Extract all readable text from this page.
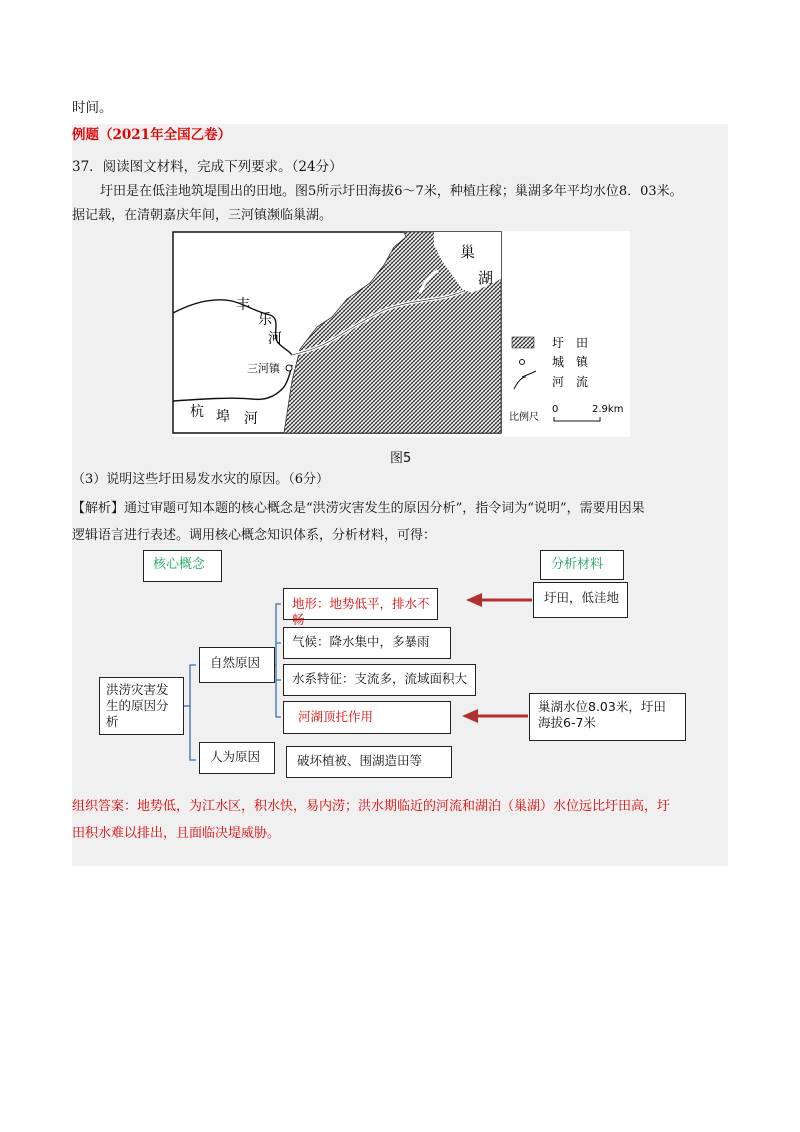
时间。
例题（2021年全国乙卷）
37．阅读图文材料，完成下列要求。（24分）
圩田是在低洼地筑堤围出的田地。图5所示圩田海拔6～7米，种植庄稼；巢湖多年平均水位8．03米。
据记载，在清朝嘉庆年间，三河镇濒临巢湖。
巢
湖
丰
乐
河
三河镇
杭 埠 河
圩　田
城　镇
河　流
比例尺
0	2.9km
图5
（3）说明这些圩田易发水灾的原因。（6分）
【解析】通过审题可知本题的核心概念是“洪涝灾害发生的原因分析”，指令词为“说明”，需要用因果
逻辑语言进行表述。调用核心概念知识体系，分析材料，可得：
核心概念	分析材料
洪涝灾害发生的原因分析
自然原因
人为原因
地形：地势低平，排水不畅
气候：降水集中，多暴雨
水系特征：支流多，流域面积大
河湖顶托作用
破坏植被、围湖造田等
圩田，低洼地
巢湖水位8.03米，圩田海拔6-7米
组织答案：地势低，为江水区，积水快，易内涝；洪水期临近的河流和湖泊（巢湖）水位远比圩田高，圩
田积水难以排出，且面临决堤威胁。
